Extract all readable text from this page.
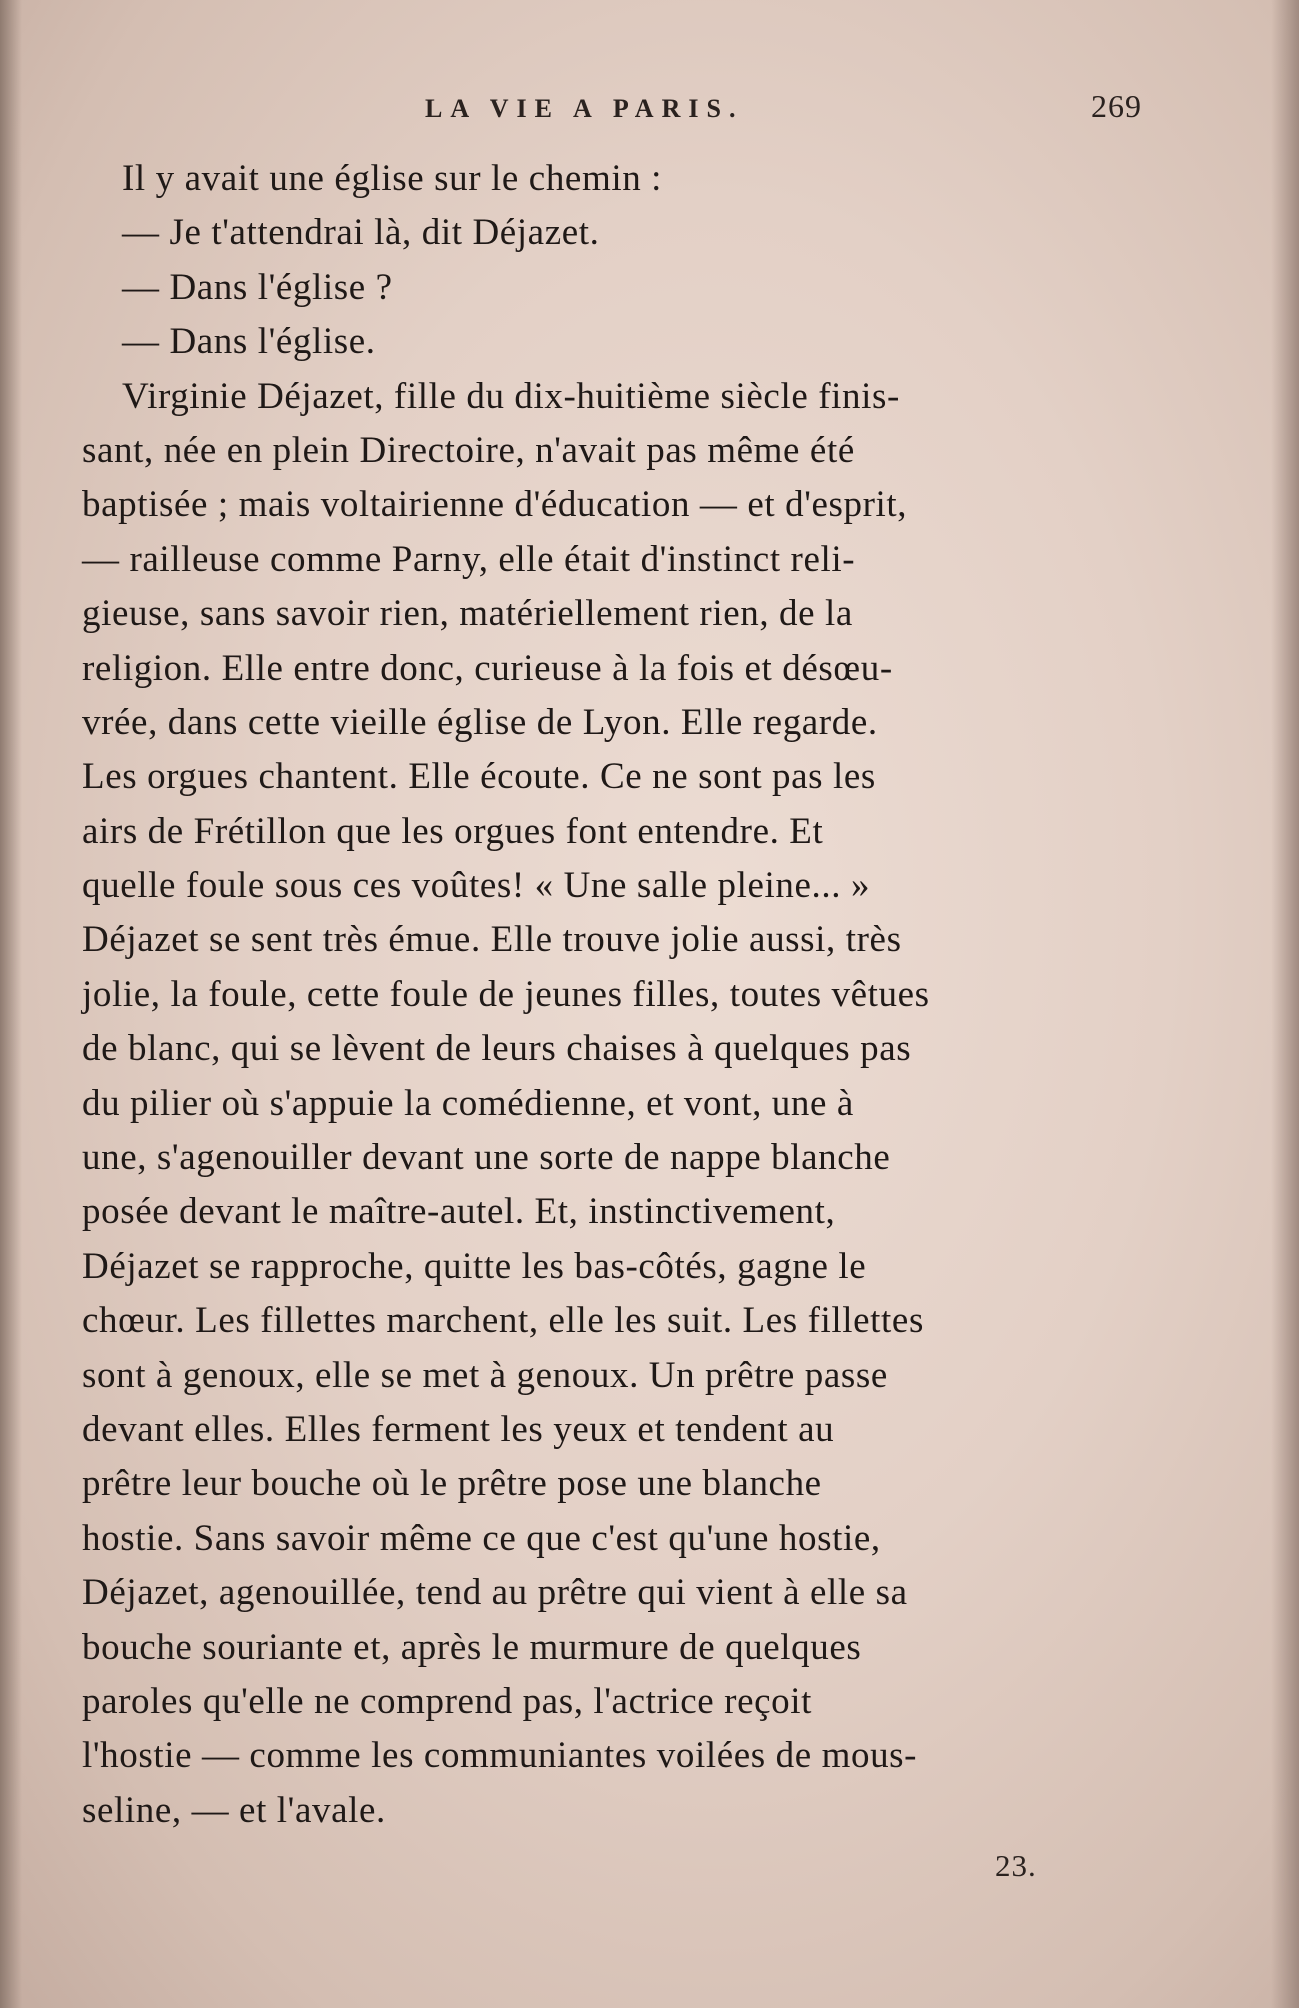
LA VIE A PARIS.	269
Il y avait une église sur le chemin :
— Je t'attendrai là, dit Déjazet.
— Dans l'église ?
— Dans l'église.
Virginie Déjazet, fille du dix-huitième siècle finis-
sant, née en plein Directoire, n'avait pas même été
baptisée ; mais voltairienne d'éducation — et d'esprit,
— railleuse comme Parny, elle était d'instinct reli-
gieuse, sans savoir rien, matériellement rien, de la
religion. Elle entre donc, curieuse à la fois et désœu-
vrée, dans cette vieille église de Lyon. Elle regarde.
Les orgues chantent. Elle écoute. Ce ne sont pas les
airs de Frétillon que les orgues font entendre. Et
quelle foule sous ces voûtes! « Une salle pleine... »
Déjazet se sent très émue. Elle trouve jolie aussi, très
jolie, la foule, cette foule de jeunes filles, toutes vêtues
de blanc, qui se lèvent de leurs chaises à quelques pas
du pilier où s'appuie la comédienne, et vont, une à
une, s'agenouiller devant une sorte de nappe blanche
posée devant le maître-autel. Et, instinctivement,
Déjazet se rapproche, quitte les bas-côtés, gagne le
chœur. Les fillettes marchent, elle les suit. Les fillettes
sont à genoux, elle se met à genoux. Un prêtre passe
devant elles. Elles ferment les yeux et tendent au
prêtre leur bouche où le prêtre pose une blanche
hostie. Sans savoir même ce que c'est qu'une hostie,
Déjazet, agenouillée, tend au prêtre qui vient à elle sa
bouche souriante et, après le murmure de quelques
paroles qu'elle ne comprend pas, l'actrice reçoit
l'hostie — comme les communiantes voilées de mous-
seline, — et l'avale.
23.
